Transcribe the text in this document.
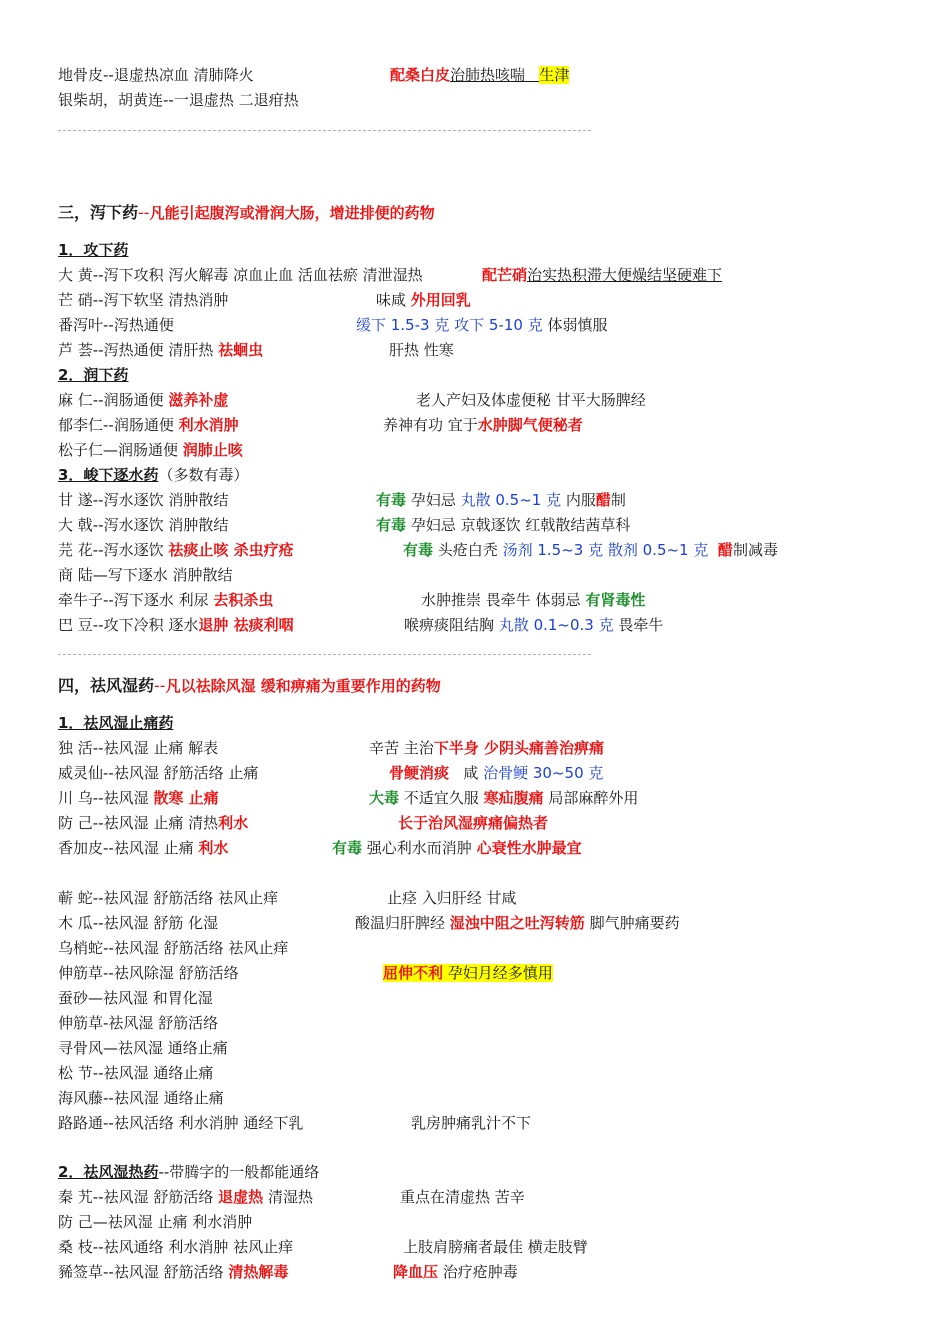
地骨皮--退虚热凉血 清肺降火	配桑白皮治肺热咳喘 生津
银柴胡，胡黄连--一退虚热 二退疳热
三，泻下药--凡能引起腹泻或滑润大肠，增进排便的药物
1．攻下药
大 黄--泻下攻积 泻火解毒 凉血止血 活血祛瘀 清泄湿热	配芒硝治实热积滞大便燥结坚硬难下
芒 硝--泻下软坚 清热消肿	味咸 外用回乳
番泻叶--泻热通便	缓下 1.5-3 克 攻下 5-10 克 体弱慎服
芦 荟--泻热通便 清肝热 祛蛔虫	肝热 性寒
2．润下药
麻 仁--润肠通便 滋养补虚	老人产妇及体虚便秘 甘平大肠脾经
郁李仁--润肠通便 利水消肿	养神有功 宜于水肿脚气便秘者
松子仁—润肠通便 润肺止咳
3．峻下逐水药（多数有毒）
甘 遂--泻水逐饮 消肿散结	有毒 孕妇忌 丸散 0.5~1 克 内服醋制
大 戟--泻水逐饮 消肿散结	有毒 孕妇忌 京戟逐饮 红戟散结茜草科
芫 花--泻水逐饮 祛痰止咳 杀虫疗疮	有毒 头疮白秃 汤剂 1.5~3 克 散剂 0.5~1 克 醋制减毒
商 陆—写下逐水 消肿散结
牵牛子--泻下逐水 利尿 去积杀虫	水肿推崇 畏牵牛 体弱忌 有肾毒性
巴 豆--攻下冷积 逐水退肿 祛痰利咽	喉痹痰阻结胸 丸散 0.1~0.3 克 畏牵牛
四，祛风湿药--凡以祛除风湿 缓和痹痛为重要作用的药物
1．祛风湿止痛药
独 活--祛风湿 止痛 解表	辛苦 主治下半身 少阴头痛善治痹痛
威灵仙--祛风湿 舒筋活络 止痛	骨鲠消痰 咸 治骨鲠 30~50 克
川 乌--祛风湿 散寒 止痛	大毒 不适宜久服 寒疝腹痛 局部麻醉外用
防 己--祛风湿 止痛 清热利水	长于治风湿痹痛偏热者
香加皮--祛风湿 止痛 利水	有毒 强心利水而消肿 心衰性水肿最宜
蕲 蛇--祛风湿 舒筋活络 祛风止痒	止痉 入归肝经 甘咸
木 瓜--祛风湿 舒筋 化湿	酸温归肝脾经 湿浊中阻之吐泻转筋 脚气肿痛要药
乌梢蛇--祛风湿 舒筋活络 祛风止痒
伸筋草--祛风除湿 舒筋活络	屈伸不利 孕妇月经多慎用
蚕砂—祛风湿 和胃化湿
伸筋草-祛风湿 舒筋活络
寻骨风—祛风湿 通络止痛
松 节--祛风湿 通络止痛
海风藤--祛风湿 通络止痛
路路通--祛风活络 利水消肿 通经下乳	乳房肿痛乳汁不下
2．祛风湿热药--带腾字的一般都能通络
秦 艽--祛风湿 舒筋活络 退虚热 清湿热	重点在清虚热 苦辛
防 己—祛风湿 止痛 利水消肿
桑 枝--祛风通络 利水消肿 祛风止痒	上肢肩膀痛者最佳 横走肢臂
豨签草--祛风湿 舒筋活络 清热解毒	降血压 治疗疮肿毒
